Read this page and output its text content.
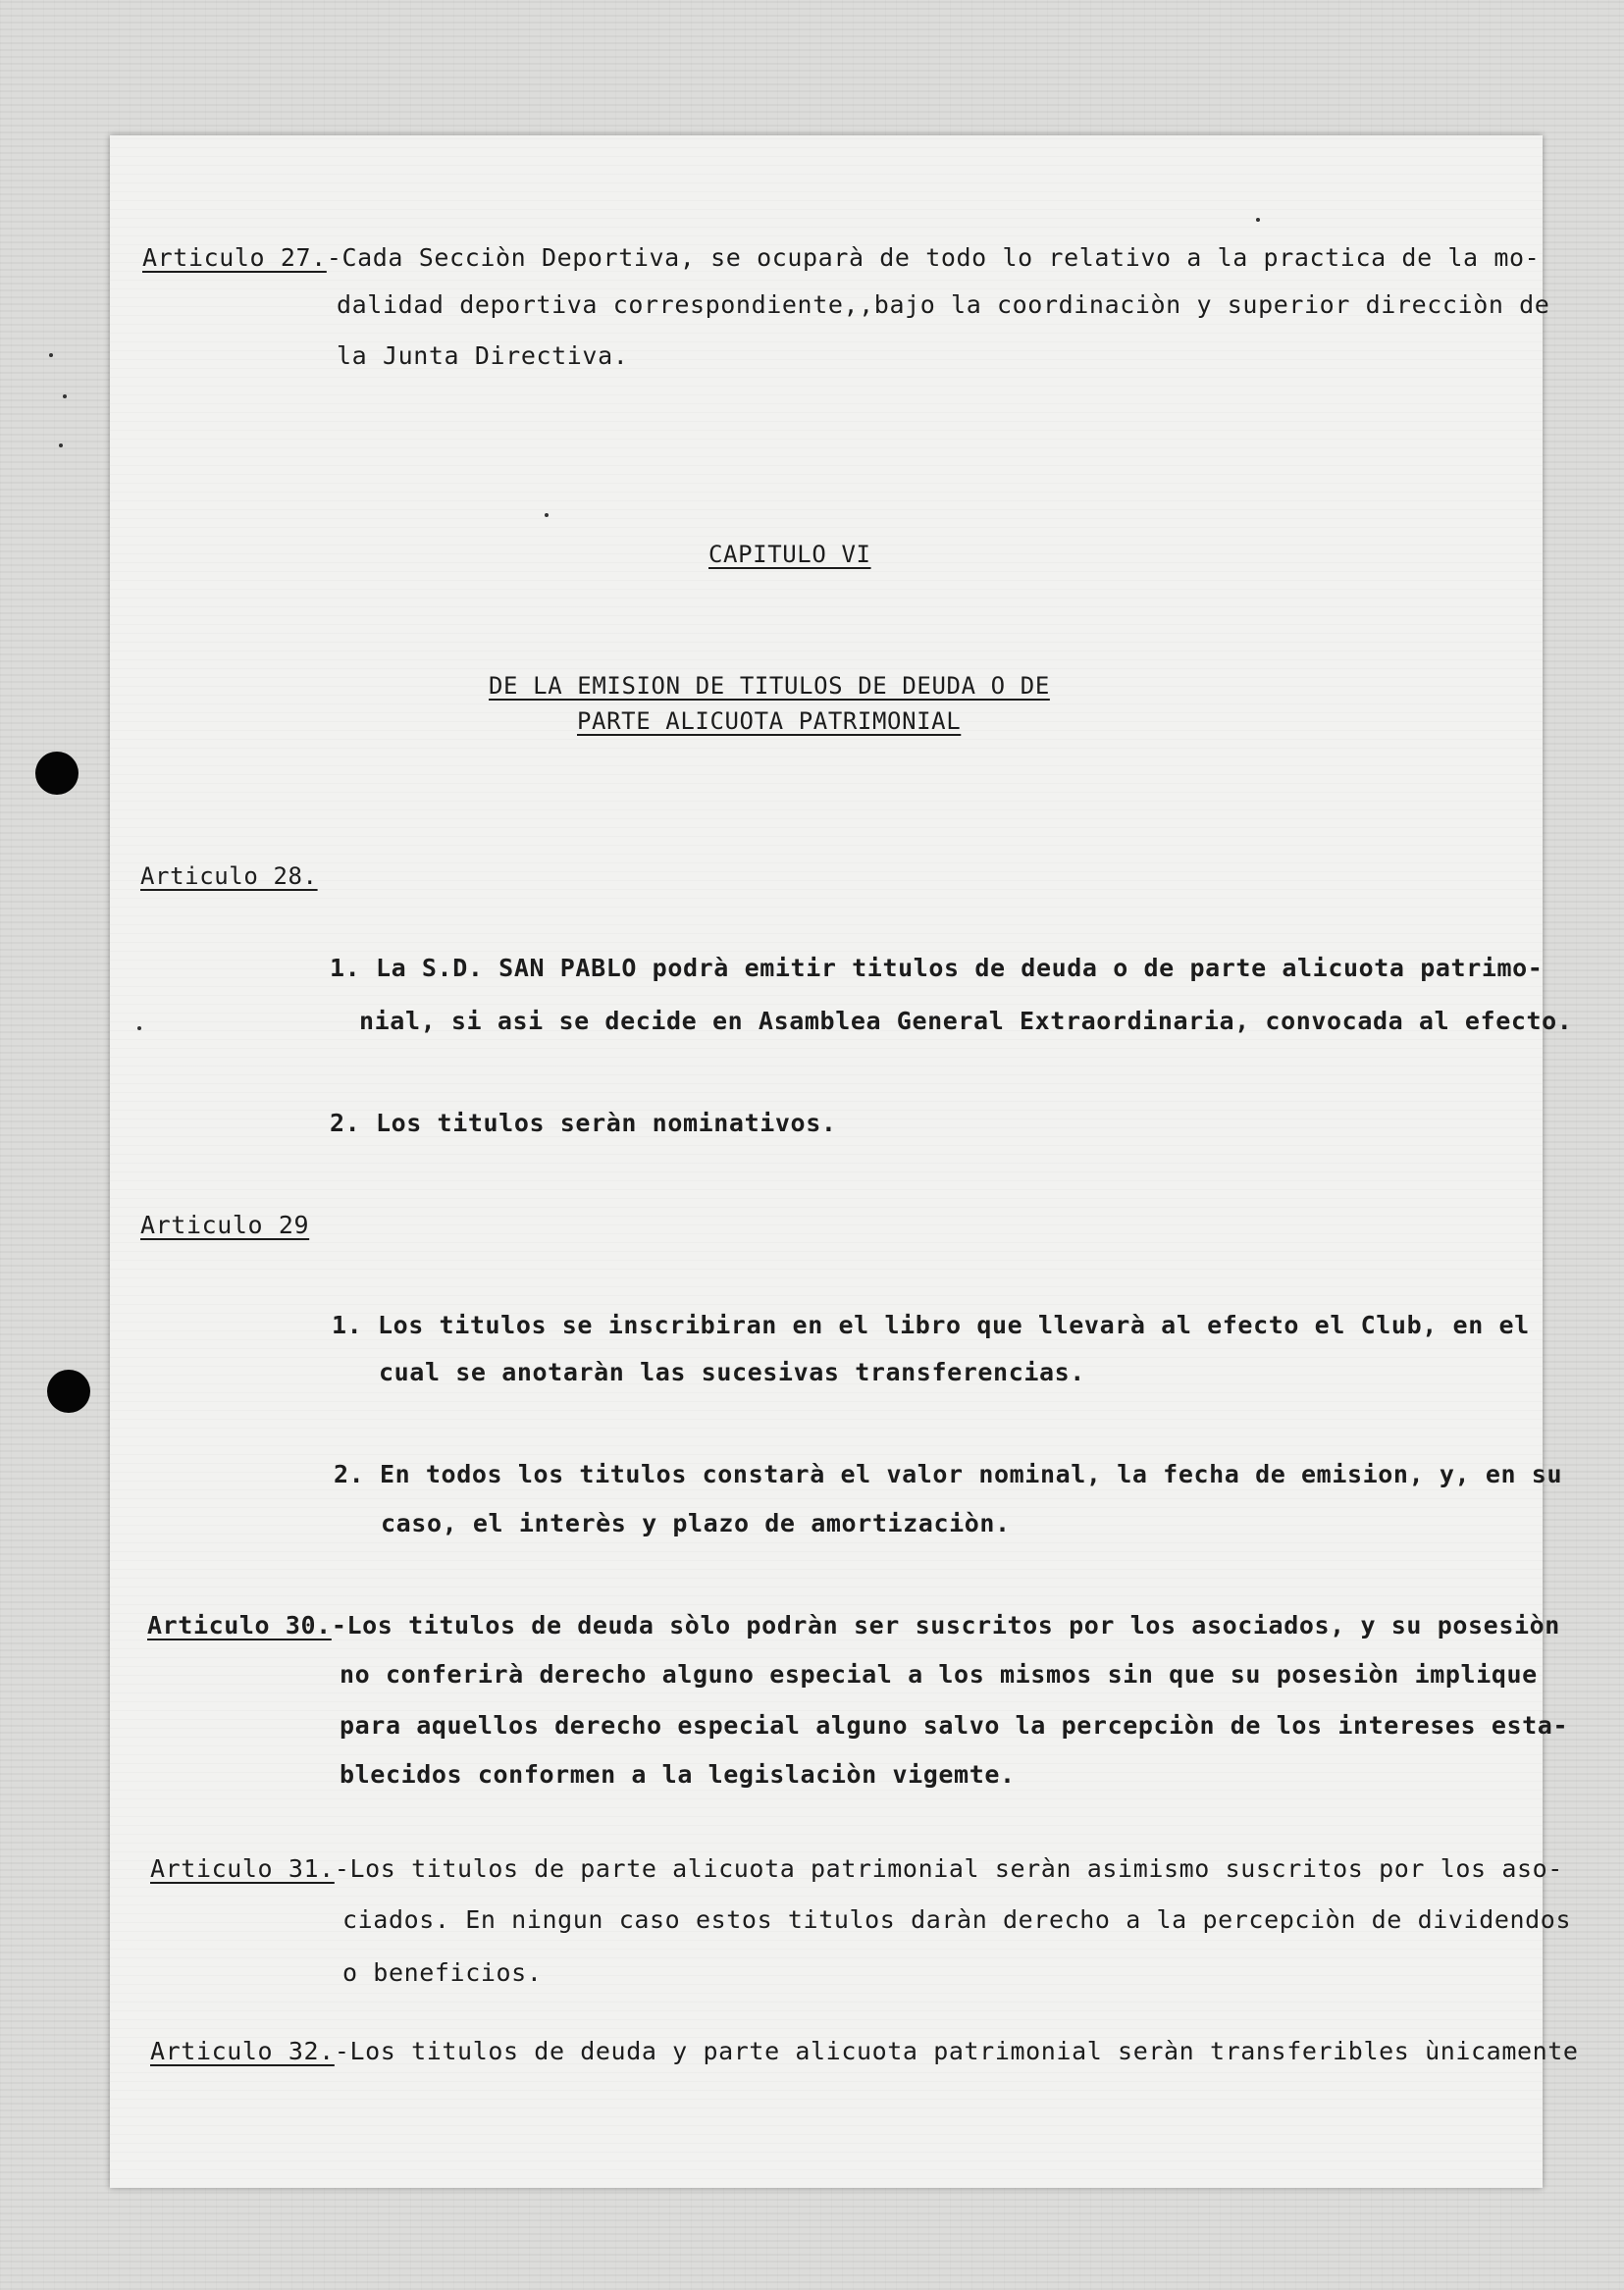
Articulo 27.-Cada Secciòn Deportiva, se ocuparà de todo lo relativo a la practica de la mo-
dalidad deportiva correspondiente,,bajo la coordinaciòn y superior direcciòn de
la Junta Directiva.
CAPITULO VI
DE LA EMISION DE TITULOS DE DEUDA O DE
PARTE ALICUOTA PATRIMONIAL
Articulo 28.
1. La S.D. SAN PABLO podrà emitir titulos de deuda o de parte alicuota patrimo-
nial, si asi se decide en Asamblea General Extraordinaria, convocada al efecto.
2. Los titulos seràn nominativos.
Articulo 29
1. Los titulos se inscribiran en el libro que llevarà al efecto el Club, en el
cual se anotaràn las sucesivas transferencias.
2. En todos los titulos constarà el valor nominal, la fecha de emision, y, en su
caso, el interès y plazo de amortizaciòn.
Articulo 30.-Los titulos de deuda sòlo podràn ser suscritos por los asociados, y su posesiòn
no conferirà derecho alguno especial a los mismos sin que su posesiòn implique
para aquellos derecho especial alguno salvo la percepciòn de los intereses esta-
blecidos conformen a la legislaciòn vigemte.
Articulo 31.-Los titulos de parte alicuota patrimonial seràn asimismo suscritos por los aso-
ciados. En ningun caso estos titulos daràn derecho a la percepciòn de dividendos
o beneficios.
Articulo 32.-Los titulos de deuda y parte alicuota patrimonial seràn transferibles ùnicamente
